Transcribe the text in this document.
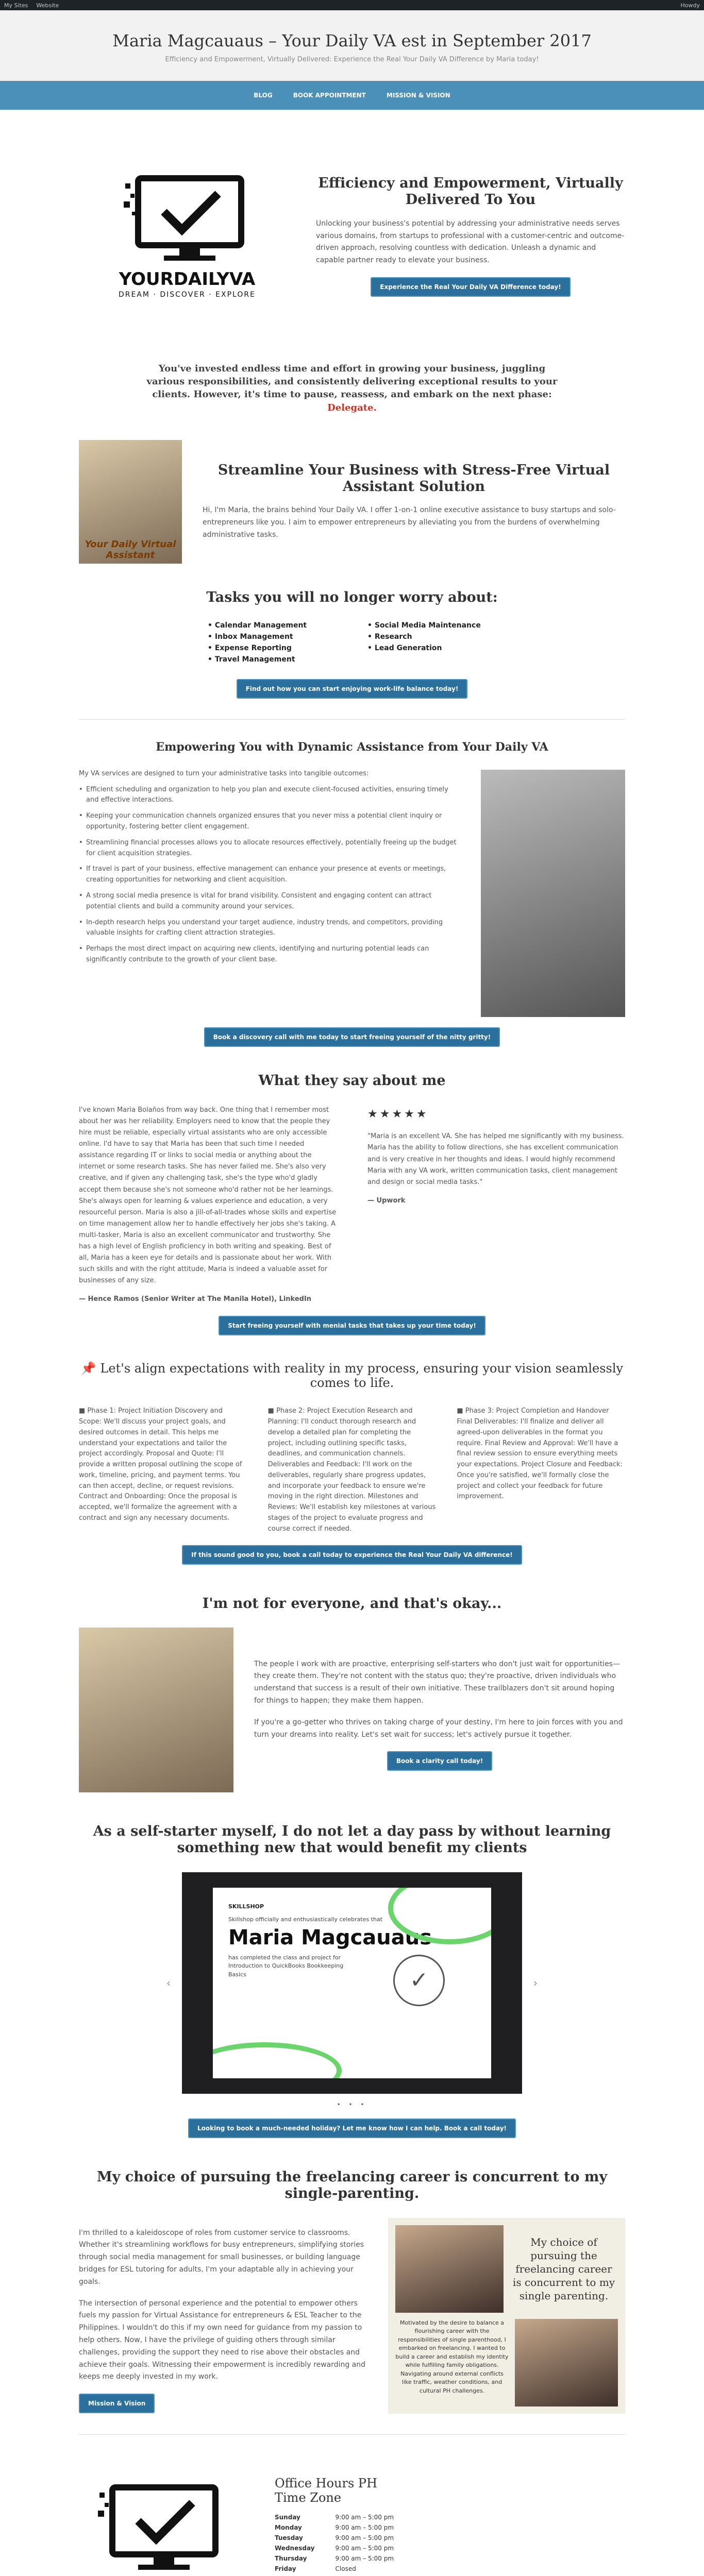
My Sites Website	Howdy
Maria Magcauaus – Your Daily VA est in September 2017
Efficiency and Empowerment, Virtually Delivered: Experience the Real Your Daily VA Difference by Maria today!
BLOG	BOOK APPOINTMENT	MISSION & VISION
YOURDAILYVA
DREAM · DISCOVER · EXPLORE
Efficiency and Empowerment, Virtually Delivered To You

Unlocking your business's potential by addressing your administrative needs serves various domains, from startups to professional with a customer-centric and outcome-driven approach, resolving countless with dedication. Unleash a dynamic and capable partner ready to elevate your business.

Experience the Real Your Daily VA Difference today!
You've invested endless time and effort in growing your business, juggling various responsibilities, and consistently delivering exceptional results to your clients. However, it's time to pause, reassess, and embark on the next phase: Delegate.
Your Daily Virtual Assistant
Streamline Your Business with Stress-Free Virtual Assistant Solution

Hi, I'm Maria, the brains behind Your Daily VA. I offer 1-on-1 online executive assistance to busy startups and solo-entrepreneurs like you. I aim to empower entrepreneurs by alleviating you from the burdens of overwhelming administrative tasks.

Tasks you will no longer worry about:
• Calendar Management	• Social Media Maintenance
• Inbox Management	• Research
• Expense Reporting	• Lead Generation
• Travel Management
Find out how you can start enjoying work-life balance today!
Empowering You with Dynamic Assistance from Your Daily VA

My VA services are designed to turn your administrative tasks into tangible outcomes:

• Efficient scheduling and organization to help you plan and execute client-focused activities, ensuring timely and effective interactions.
• Keeping your communication channels organized ensures that you never miss a potential client inquiry or opportunity, fostering better client engagement.
• Streamlining financial processes allows you to allocate resources effectively, potentially freeing up the budget for client acquisition strategies.
• If travel is part of your business, effective management can enhance your presence at events or meetings, creating opportunities for networking and client acquisition.
• A strong social media presence is vital for brand visibility. Consistent and engaging content can attract potential clients and build a community around your services.
• In-depth research helps you understand your target audience, industry trends, and competitors, providing valuable insights for crafting client attraction strategies.
• Perhaps the most direct impact on acquiring new clients, identifying and nurturing potential leads can significantly contribute to the growth of your client base.
Book a discovery call with me today to start freeing yourself of the nitty gritty!
What they say about me

I've known Maria Bolaños from way back. One thing that I remember most about her was her reliability. Employers need to know that the people they hire must be reliable, especially virtual assistants who are only accessible online. I'd have to say that Maria has been that such time I needed assistance regarding IT or links to social media or anything about the internet or some research tasks. She has never failed me. She's also very creative, and if given any challenging task, she's the type who'd gladly accept them because she's not someone who'd rather not be her learnings. She's always open for learning & values experience and education, a very resourceful person. Maria is also a jill-of-all-trades whose skills and expertise on time management allow her to handle effectively her jobs she's taking. A multi-tasker, Maria is also an excellent communicator and trustworthy. She has a high level of English proficiency in both writing and speaking. Best of all, Maria has a keen eye for details and is passionate about her work. With such skills and with the right attitude, Maria is indeed a valuable asset for businesses of any size.

— Hence Ramos (Senior Writer at The Manila Hotel), LinkedIn

★★★★★

"Maria is an excellent VA. She has helped me significantly with my business. Maria has the ability to follow directions, she has excellent communication and is very creative in her thoughts and ideas. I would highly recommend Maria with any VA work, written communication tasks, client management and design or social media tasks."

— Upwork

Start freeing yourself with menial tasks that takes up your time today!
📌 Let's align expectations with reality in my process, ensuring your vision seamlessly comes to life.
■ Phase 1: Project Initiation Discovery and Scope: We'll discuss your project goals, and desired outcomes in detail. This helps me understand your expectations and tailor the project accordingly. Proposal and Quote: I'll provide a written proposal outlining the scope of work, timeline, pricing, and payment terms. You can then accept, decline, or request revisions. Contract and Onboarding: Once the proposal is accepted, we'll formalize the agreement with a contract and sign any necessary documents.
■ Phase 2: Project Execution Research and Planning: I'll conduct thorough research and develop a detailed plan for completing the project, including outlining specific tasks, deadlines, and communication channels. Deliverables and Feedback: I'll work on the deliverables, regularly share progress updates, and incorporate your feedback to ensure we're moving in the right direction. Milestones and Reviews: We'll establish key milestones at various stages of the project to evaluate progress and course correct if needed.
■ Phase 3: Project Completion and Handover Final Deliverables: I'll finalize and deliver all agreed-upon deliverables in the format you require. Final Review and Approval: We'll have a final review session to ensure everything meets your expectations. Project Closure and Feedback: Once you're satisfied, we'll formally close the project and collect your feedback for future improvement.
If this sound good to you, book a call today to experience the Real Your Daily VA difference!
I'm not for everyone, and that's okay...

The people I work with are proactive, enterprising self-starters who don't just wait for opportunities—they create them. They're not content with the status quo; they're proactive, driven individuals who understand that success is a result of their own initiative. These trailblazers don't sit around hoping for things to happen; they make them happen.

If you're a go-getter who thrives on taking charge of your destiny, I'm here to join forces with you and turn your dreams into reality. Let's set wait for success; let's actively pursue it together.

Book a clarity call today!
As a self-starter myself, I do not let a day pass by without learning something new that would benefit my clients
‹
SKILLSHOP
Skillshop officially and enthusiastically celebrates that
Maria Magcauaus
has completed the class and project for Introduction to QuickBooks Bookkeeping Basics	✓	›
• • •
Looking to book a much-needed holiday? Let me know how I can help. Book a call today!
My choice of pursuing the freelancing career is concurrent to my single-parenting.

I'm thrilled to a kaleidoscope of roles from customer service to classrooms. Whether it's streamlining workflows for busy entrepreneurs, simplifying stories through social media management for small businesses, or building language bridges for ESL tutoring for adults, I'm your adaptable ally in achieving your goals.

The intersection of personal experience and the potential to empower others fuels my passion for Virtual Assistance for entrepreneurs & ESL Teacher to the Philippines. I wouldn't do this if my own need for guidance from my passion to help others. Now, I have the privilege of guiding others through similar challenges, providing the support they need to rise above their obstacles and achieve their goals. Witnessing their empowerment is incredibly rewarding and keeps me deeply invested in my work.

Mission & Vision
My choice of pursuing the freelancing career is concurrent to my single parenting.
Motivated by the desire to balance a flourishing career with the responsibilities of single parenthood, I embarked on freelancing. I wanted to build a career and establish my identity while fulfilling family obligations. Navigating around external conflicts like traffic, weather conditions, and cultural PH challenges.
Office Hours PH Time Zone
Sunday	9:00 am – 5:00 pm
Monday	9:00 am – 5:00 pm
Tuesday	9:00 am – 5:00 pm
Wednesday	9:00 am – 5:00 pm
Thursday	9:00 am – 5:00 pm
Friday	Closed
